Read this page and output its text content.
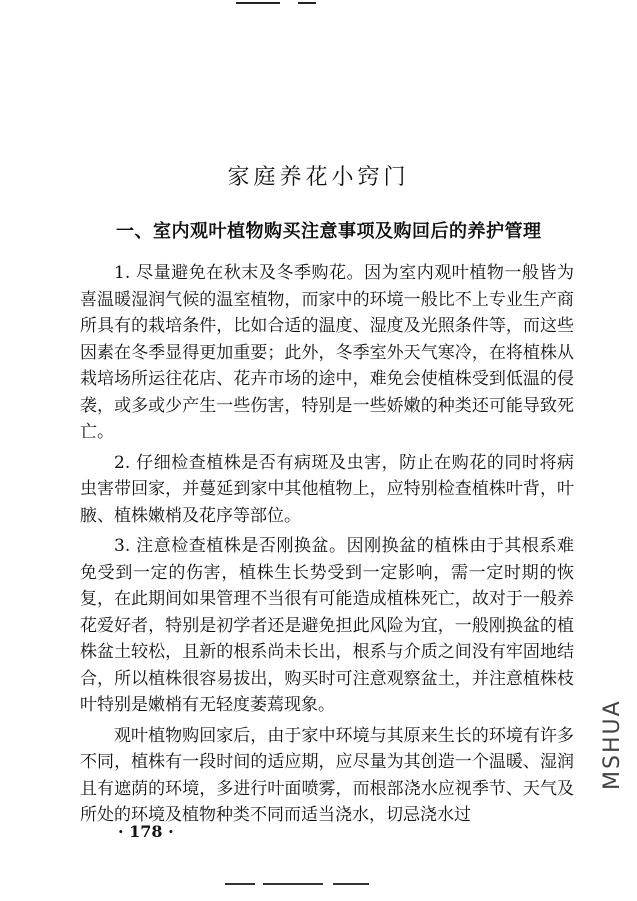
家庭养花小窍门
一、室内观叶植物购买注意事项及购回后的养护管理

1. 尽量避免在秋末及冬季购花。因为室内观叶植物一般皆为喜温暖湿润气候的温室植物，而家中的环境一般比不上专业生产商所具有的栽培条件，比如合适的温度、湿度及光照条件等，而这些因素在冬季显得更加重要；此外，冬季室外天气寒冷，在将植株从栽培场所运往花店、花卉市场的途中，难免会使植株受到低温的侵袭，或多或少产生一些伤害，特别是一些娇嫩的种类还可能导致死亡。

2. 仔细检查植株是否有病斑及虫害，防止在购花的同时将病虫害带回家，并蔓延到家中其他植物上，应特别检查植株叶背，叶腋、植株嫩梢及花序等部位。

3. 注意检查植株是否刚换盆。因刚换盆的植株由于其根系难免受到一定的伤害，植株生长势受到一定影响，需一定时期的恢复，在此期间如果管理不当很有可能造成植株死亡，故对于一般养花爱好者，特别是初学者还是避免担此风险为宜，一般刚换盆的植株盆土较松，且新的根系尚未长出，根系与介质之间没有牢固地结合，所以植株很容易拔出，购买时可注意观察盆土，并注意植株枝叶特别是嫩梢有无轻度萎蔫现象。

观叶植物购回家后，由于家中环境与其原来生长的环境有许多不同，植株有一段时间的适应期，应尽量为其创造一个温暖、湿润且有遮荫的环境，多进行叶面喷雾，而根部浇水应视季节、天气及所处的环境及植物种类不同而适当浇水，切忌浇水过

· 178 ·
MSHUA
